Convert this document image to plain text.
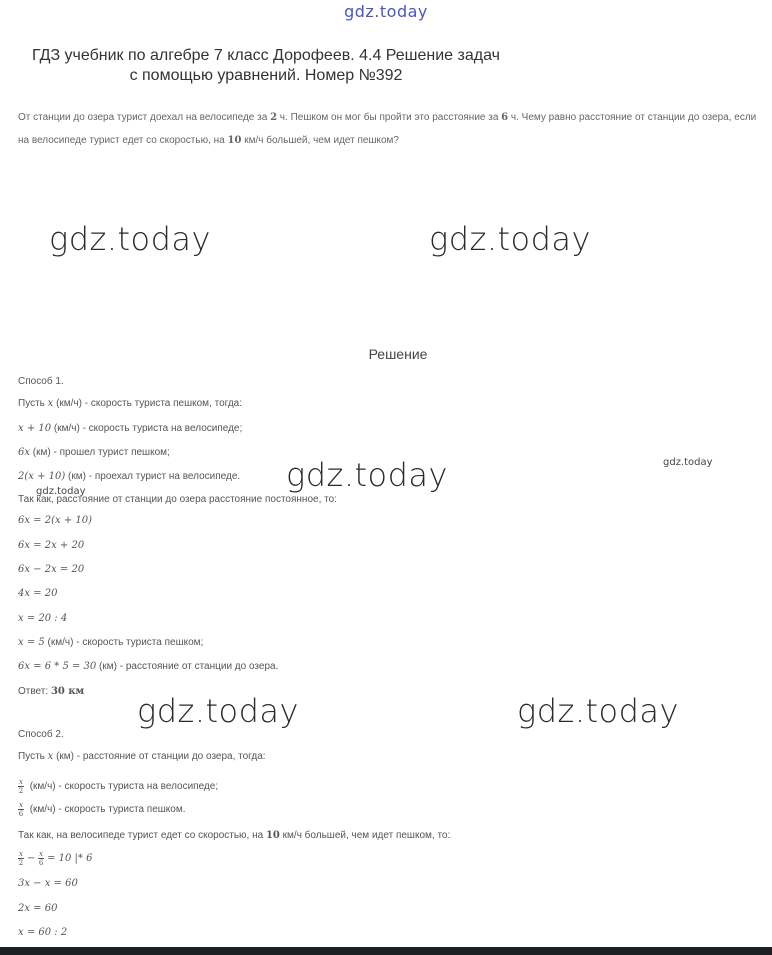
gdz.today
ГДЗ учебник по алгебре 7 класс Дорофеев. 4.4 Решение задач
с помощью уравнений. Номер №392
От станции до озера турист доехал на велосипеде за 2 ч. Пешком он мог бы пройти это расстояние за 6 ч. Чему равно расстояние от станции до озера, если на велосипеде турист едет со скоростью, на 10 км/ч большей, чем идет пешком?
gdz.today	gdz.today
Решение
Способ 1.
Пусть x (км/ч) - скорость туриста пешком, тогда:
x + 10 (км/ч) - скорость туриста на велосипеде;
6x (км) - прошел турист пешком;
2(x + 10) (км) - проехал турист на велосипеде.
Так как, расстояние от станции до озера расстояние постоянное, то:
6x = 2(x + 10)
6x = 2x + 20
6x − 2x = 20
4x = 20
x = 20 : 4
x = 5 (км/ч) - скорость туриста пешком;
6x = 6 * 5 = 30 (км) - расстояние от станции до озера.
Ответ: 30 км
gdz.today	gdz.today
gdz.today
gdz.today	gdz.today
Способ 2.
Пусть x (км) - расстояние от станции до озера, тогда:
$\frac{x}{2} (км/ч)$ - скорость туриста на велосипеде;
$\frac{x}{6} (км/ч)$ - скорость туриста пешком.
Так как, на велосипеде турист едет со скоростью, на 10 км/ч большей, чем идет пешком, то:
$\frac{x}{2} - \frac{x}{6} = 10$ |* 6
3x − x = 60
2x = 60
x = 60 : 2
